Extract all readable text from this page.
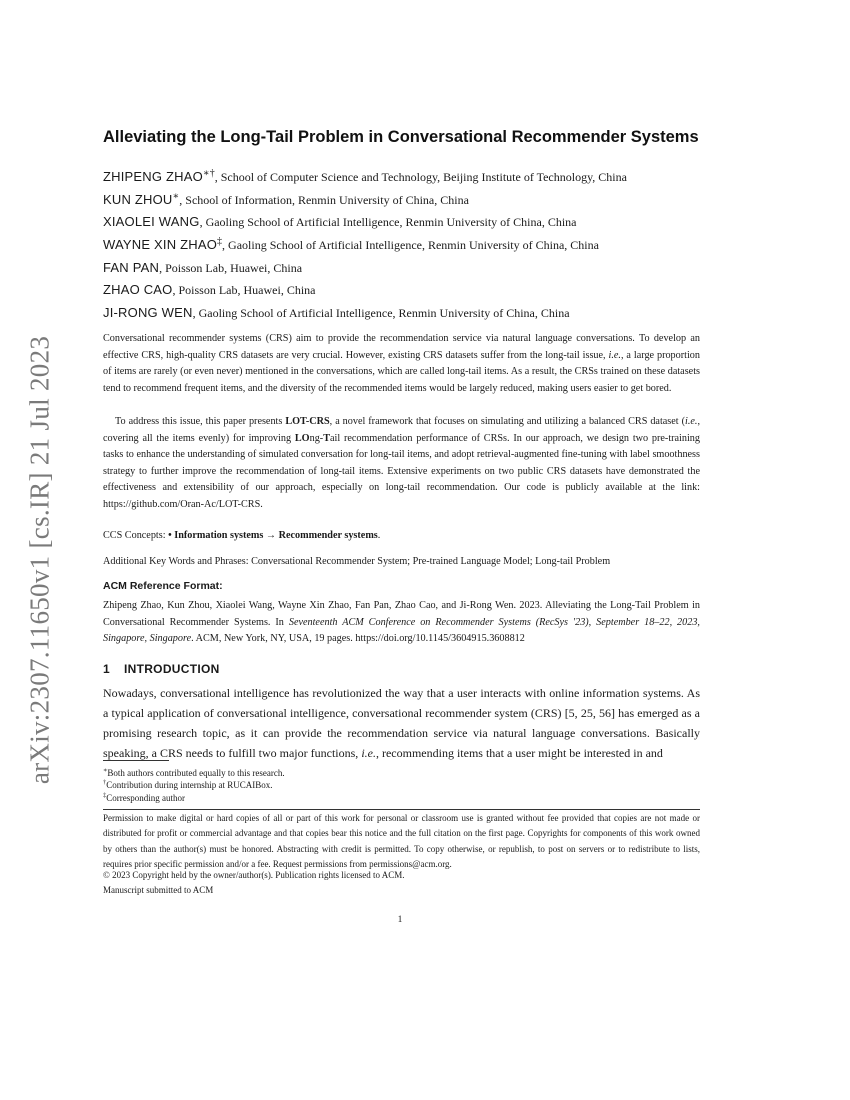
arXiv:2307.11650v1 [cs.IR] 21 Jul 2023
Alleviating the Long-Tail Problem in Conversational Recommender Systems
ZHIPENG ZHAO∗†, School of Computer Science and Technology, Beijing Institute of Technology, China
KUN ZHOU∗, School of Information, Renmin University of China, China
XIAOLEI WANG, Gaoling School of Artificial Intelligence, Renmin University of China, China
WAYNE XIN ZHAO‡, Gaoling School of Artificial Intelligence, Renmin University of China, China
FAN PAN, Poisson Lab, Huawei, China
ZHAO CAO, Poisson Lab, Huawei, China
JI-RONG WEN, Gaoling School of Artificial Intelligence, Renmin University of China, China
Conversational recommender systems (CRS) aim to provide the recommendation service via natural language conversations. To develop an effective CRS, high-quality CRS datasets are very crucial. However, existing CRS datasets suffer from the long-tail issue, i.e., a large proportion of items are rarely (or even never) mentioned in the conversations, which are called long-tail items. As a result, the CRSs trained on these datasets tend to recommend frequent items, and the diversity of the recommended items would be largely reduced, making users easier to get bored.
To address this issue, this paper presents LOT-CRS, a novel framework that focuses on simulating and utilizing a balanced CRS dataset (i.e., covering all the items evenly) for improving LOng-Tail recommendation performance of CRSs. In our approach, we design two pre-training tasks to enhance the understanding of simulated conversation for long-tail items, and adopt retrieval-augmented fine-tuning with label smoothness strategy to further improve the recommendation of long-tail items. Extensive experiments on two public CRS datasets have demonstrated the effectiveness and extensibility of our approach, especially on long-tail recommendation. Our code is publicly available at the link: https://github.com/Oran-Ac/LOT-CRS.
CCS Concepts: • Information systems → Recommender systems.
Additional Key Words and Phrases: Conversational Recommender System; Pre-trained Language Model; Long-tail Problem
ACM Reference Format:
Zhipeng Zhao, Kun Zhou, Xiaolei Wang, Wayne Xin Zhao, Fan Pan, Zhao Cao, and Ji-Rong Wen. 2023. Alleviating the Long-Tail Problem in Conversational Recommender Systems. In Seventeenth ACM Conference on Recommender Systems (RecSys '23), September 18–22, 2023, Singapore, Singapore. ACM, New York, NY, USA, 19 pages. https://doi.org/10.1145/3604915.3608812
1 INTRODUCTION
Nowadays, conversational intelligence has revolutionized the way that a user interacts with online information systems. As a typical application of conversational intelligence, conversational recommender system (CRS) [5, 25, 56] has emerged as a promising research topic, as it can provide the recommendation service via natural language conversations. Basically speaking, a CRS needs to fulfill two major functions, i.e., recommending items that a user might be interested in and
∗Both authors contributed equally to this research.
†Contribution during internship at RUCAIBox.
‡Corresponding author
Permission to make digital or hard copies of all or part of this work for personal or classroom use is granted without fee provided that copies are not made or distributed for profit or commercial advantage and that copies bear this notice and the full citation on the first page. Copyrights for components of this work owned by others than the author(s) must be honored. Abstracting with credit is permitted. To copy otherwise, or republish, to post on servers or to redistribute to lists, requires prior specific permission and/or a fee. Request permissions from permissions@acm.org.
© 2023 Copyright held by the owner/author(s). Publication rights licensed to ACM.
Manuscript submitted to ACM
1
